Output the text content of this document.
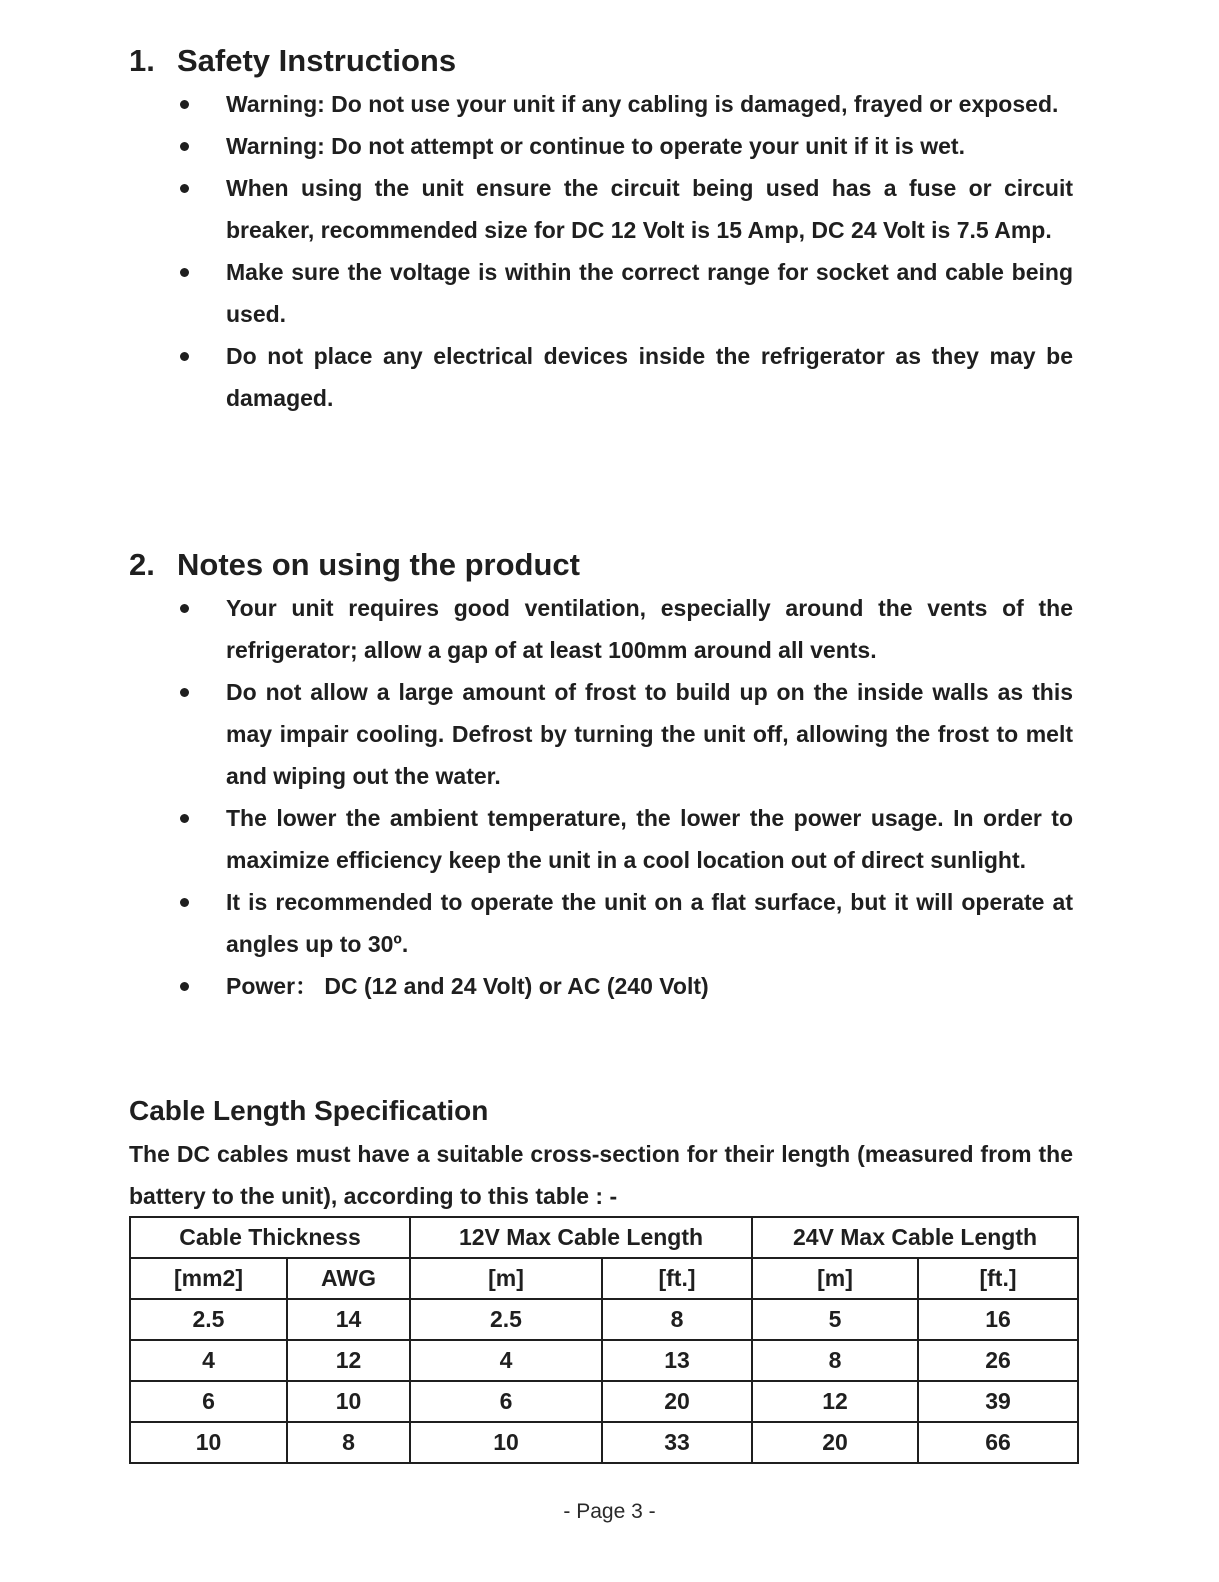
1. Safety Instructions
Warning: Do not use your unit if any cabling is damaged, frayed or exposed.
Warning: Do not attempt or continue to operate your unit if it is wet.
When using the unit ensure the circuit being used has a fuse or circuit breaker, recommended size for DC 12 Volt is 15 Amp, DC 24 Volt is 7.5 Amp.
Make sure the voltage is within the correct range for socket and cable being used.
Do not place any electrical devices inside the refrigerator as they may be damaged.
2. Notes on using the product
Your unit requires good ventilation, especially around the vents of the refrigerator; allow a gap of at least 100mm around all vents.
Do not allow a large amount of frost to build up on the inside walls as this may impair cooling. Defrost by turning the unit off, allowing the frost to melt and wiping out the water.
The lower the ambient temperature, the lower the power usage. In order to maximize efficiency keep the unit in a cool location out of direct sunlight.
It is recommended to operate the unit on a flat surface, but it will operate at angles up to 30º.
Power： DC (12 and 24 Volt) or AC (240 Volt)
Cable Length Specification

The DC cables must have a suitable cross-section for their length (measured from the battery to the unit), according to this table : -

Cable Thickness		12V Max Cable Length		24V Max Cable Length	
[mm2]	AWG	[m]	[ft.]	[m]	[ft.]
2.5	14	2.5	8	5	16
4	12	4	13	8	26
6	10	6	20	12	39
10	8	10	33	20	66
- Page 3 -
